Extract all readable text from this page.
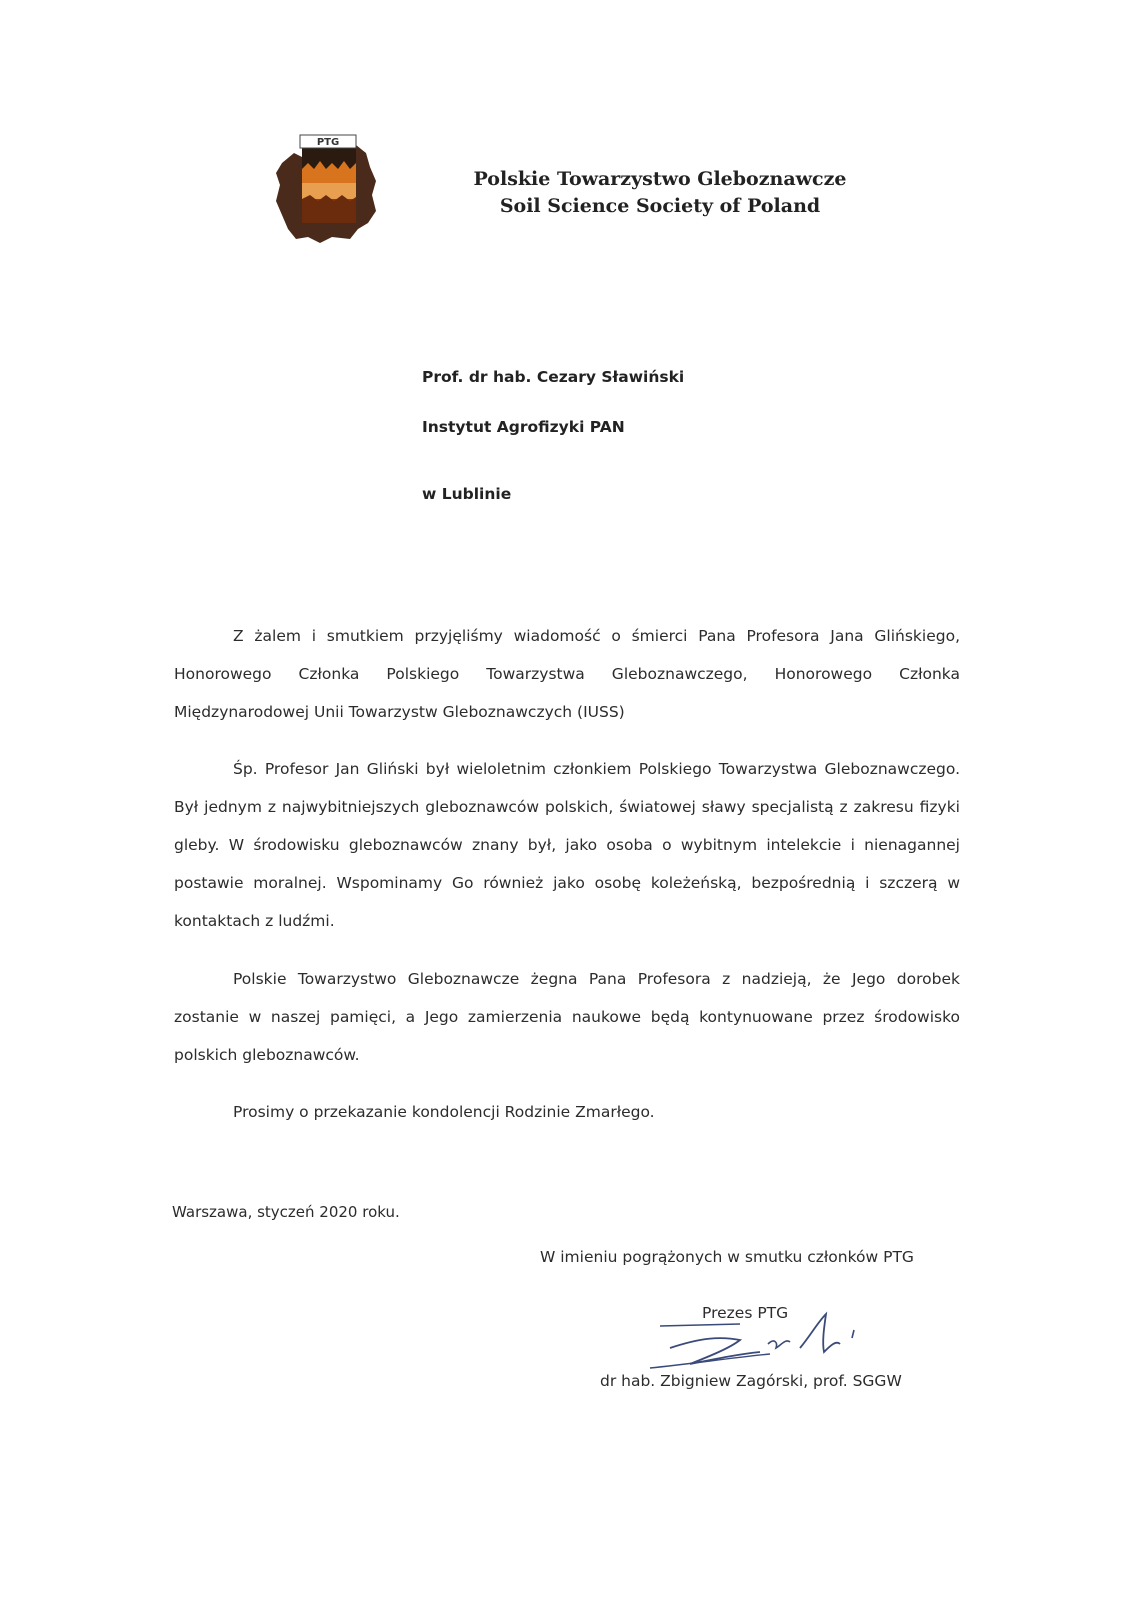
PTG
Polskie Towarzystwo Gleboznawcze
Soil Science Society of Poland
Prof. dr hab. Cezary Sławiński
Instytut Agrofizyki PAN
w Lublinie

Z żalem i smutkiem przyjęliśmy wiadomość o śmierci Pana Profesora Jana Glińskiego, Honorowego Członka Polskiego Towarzystwa Gleboznawczego, Honorowego Członka Międzynarodowej Unii Towarzystw Gleboznawczych (IUSS)

Śp. Profesor Jan Gliński był wieloletnim członkiem Polskiego Towarzystwa Gleboznawczego. Był jednym z najwybitniejszych gleboznawców polskich, światowej sławy specjalistą z zakresu fizyki gleby. W środowisku gleboznawców znany był, jako osoba o wybitnym intelekcie i nienagannej postawie moralnej. Wspominamy Go również jako osobę koleżeńską, bezpośrednią i szczerą w kontaktach z ludźmi.

Polskie Towarzystwo Gleboznawcze żegna Pana Profesora z nadzieją, że Jego dorobek zostanie w naszej pamięci, a Jego zamierzenia naukowe będą kontynuowane przez środowisko polskich gleboznawców.

Prosimy o przekazanie kondolencji Rodzinie Zmarłego.

Warszawa, styczeń 2020 roku.
W imieniu pogrążonych w smutku członków PTG
Prezes PTG
dr hab. Zbigniew Zagórski, prof. SGGW
